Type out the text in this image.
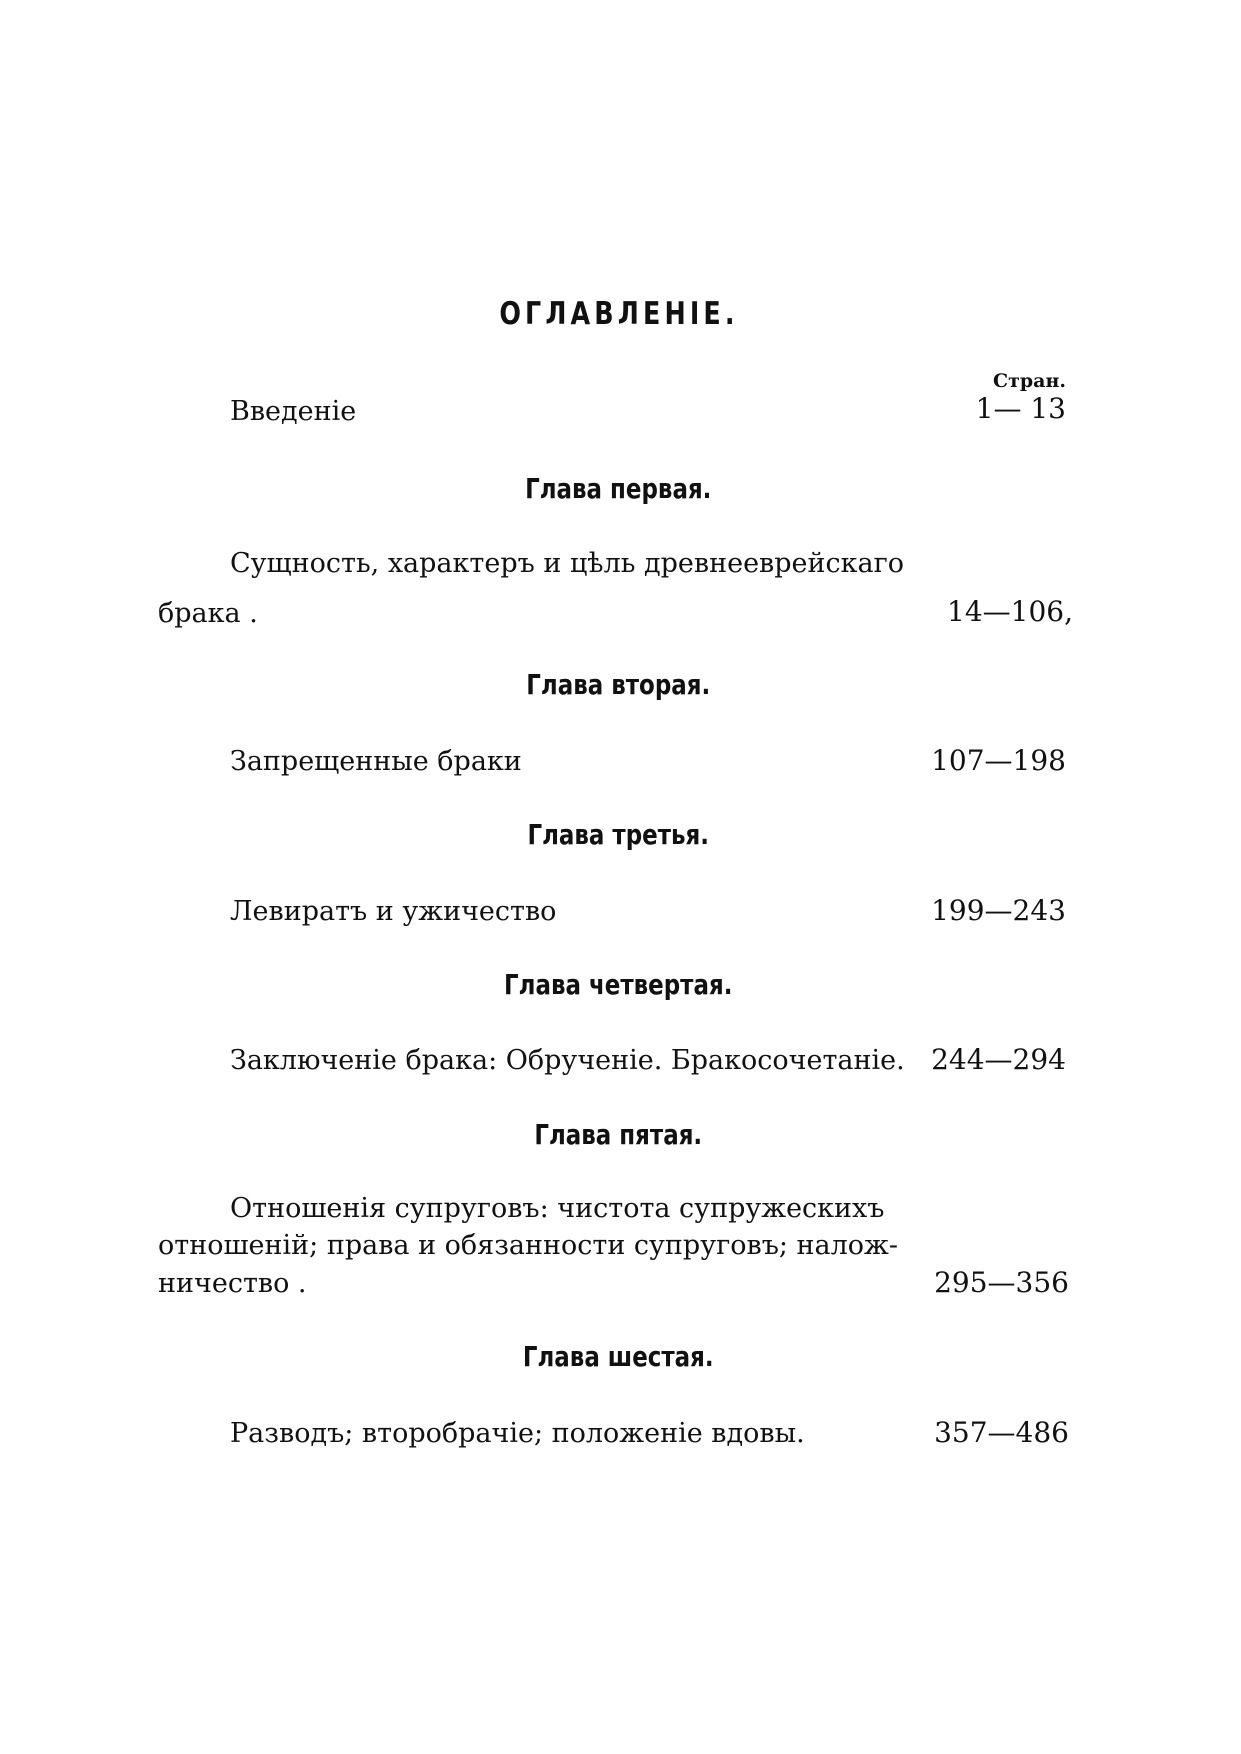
ОГЛАВЛЕНІЕ.
Стран.
Введеніе	1— 13
Глава первая.
Сущность, характеръ и цѣль древнееврейскаго
брака .	14—106,
Глава вторая.
Запрещенные браки	107—198
Глава третья.
Левиратъ и ужичество	199—243
Глава четвертая.
Заключеніе брака: Обрученіе. Бракосочетаніе. 244—294
Глава пятая.
Отношенія супруговъ: чистота супружескихъ
отношеній; права и обязанности супруговъ; налож-
ничество .	295—356
Глава шестая.
Разводъ; второбрачіе; положеніе вдовы.	357—486
